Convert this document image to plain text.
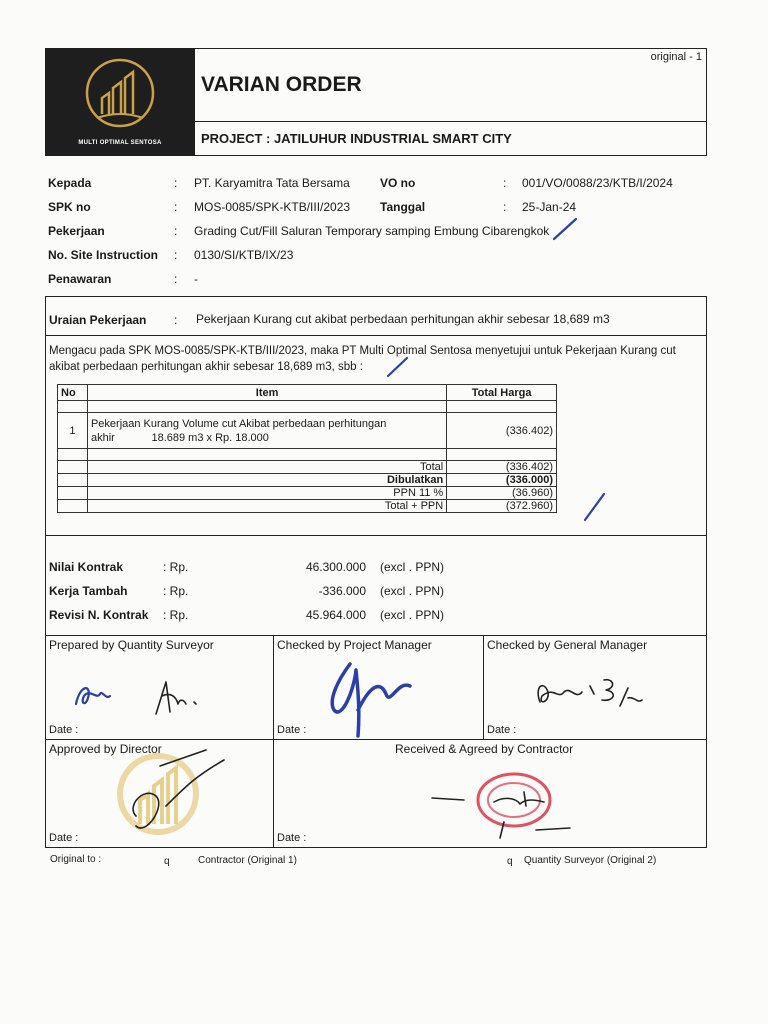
MULTI OPTIMAL SENTOSA
original - 1
VARIAN ORDER
PROJECT : JATILUHUR INDUSTRIAL SMART CITY
Kepada	: PT. Karyamitra Tata Bersama	VO no	: 001/VO/0088/23/KTB/I/2024
SPK no	: MOS-0085/SPK-KTB/III/2023 Tanggal	: 25-Jan-24
Pekerjaan	: Grading Cut/Fill Saluran Temporary samping Embung Cibarengkok
No. Site Instruction : 0130/SI/KTB/IX/23
Penawaran	: -
Uraian Pekerjaan : Pekerjaan Kurang cut akibat perbedaan perhitungan akhir sebesar 18,689 m3
Mengacu pada SPK MOS-0085/SPK-KTB/III/2023, maka PT Multi Optimal Sentosa menyetujui untuk Pekerjaan Kurang cut
akibat perbedaan perhitungan akhir sebesar 18,689 m3, sbb :
No	Item	Total Harga

1	Pekerjaan Kurang Volume cut Akibat perbedaan perhitungan
akhir            18.689 m3 x Rp. 18.000	(336.402)

	Total	(336.402)
	Dibulatkan	(336.000)
	PPN 11 %	(36.960)
	Total + PPN	(372.960)
Nilai Kontrak	: Rp.	46.300.000 (excl . PPN)
Kerja Tambah	: Rp.	-336.000 (excl . PPN)
Revisi N. Kontrak : Rp.	45.964.000 (excl . PPN)
Prepared by Quantity Surveyor
Date :
Checked by Project Manager
Date :
Checked by General Manager
Date :
Approved by Director
Date :
Received & Agreed by Contractor
Date :
Original to :	q	Contractor (Original 1)	q Quantity Surveyor (Original 2)
